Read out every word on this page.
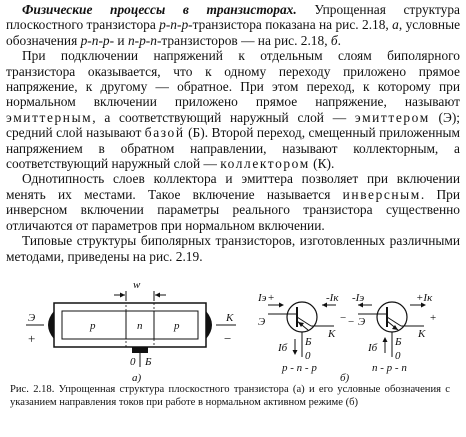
Физические процессы в транзисторах. Упрощенная структура плоскостного транзистора p-n-p-транзистора показана на рис. 2.18, а, условные обозначения p-n-p- и n-p-n-транзисторов — на рис. 2.18, б.

При подключении напряжений к отдельным слоям биполярного транзистора оказывается, что к одному переходу приложено прямое напряжение, к другому — обратное. При этом переход, к которому при нормальном включении приложено прямое напряжение, называют эмиттерным, а соответствующий наружный слой — эмиттером (Э); средний слой называют базой (Б). Второй переход, смещенный приложенным напряжением в обратном направлении, называют коллекторным, а соответствующий наружный слой — коллектором (К).

Однотипность слоев коллектора и эмиттера позволяет при включении менять их местами. Такое включение называется инверсным. При инверсном включении параметры реального транзистора существенно отличаются от параметров при нормальном включении.

Типовые структуры биполярных транзисторов, изготовленных различными методами, приведены на рис. 2.19.

w
Э	К
+	−
p	n	p
0 Б
а)
Iэ	-Iк
+
−
Э
К
Iб Б
0
p - n - p
-Iэ	+Iк
−	+
Э
К
Iб Б
0
n - p - n
б)
Рис. 2.18. Упрощенная структура плоскостного транзистора (а) и его условные обозначения с указанием направления токов при работе в нормальном активном режиме (б)
